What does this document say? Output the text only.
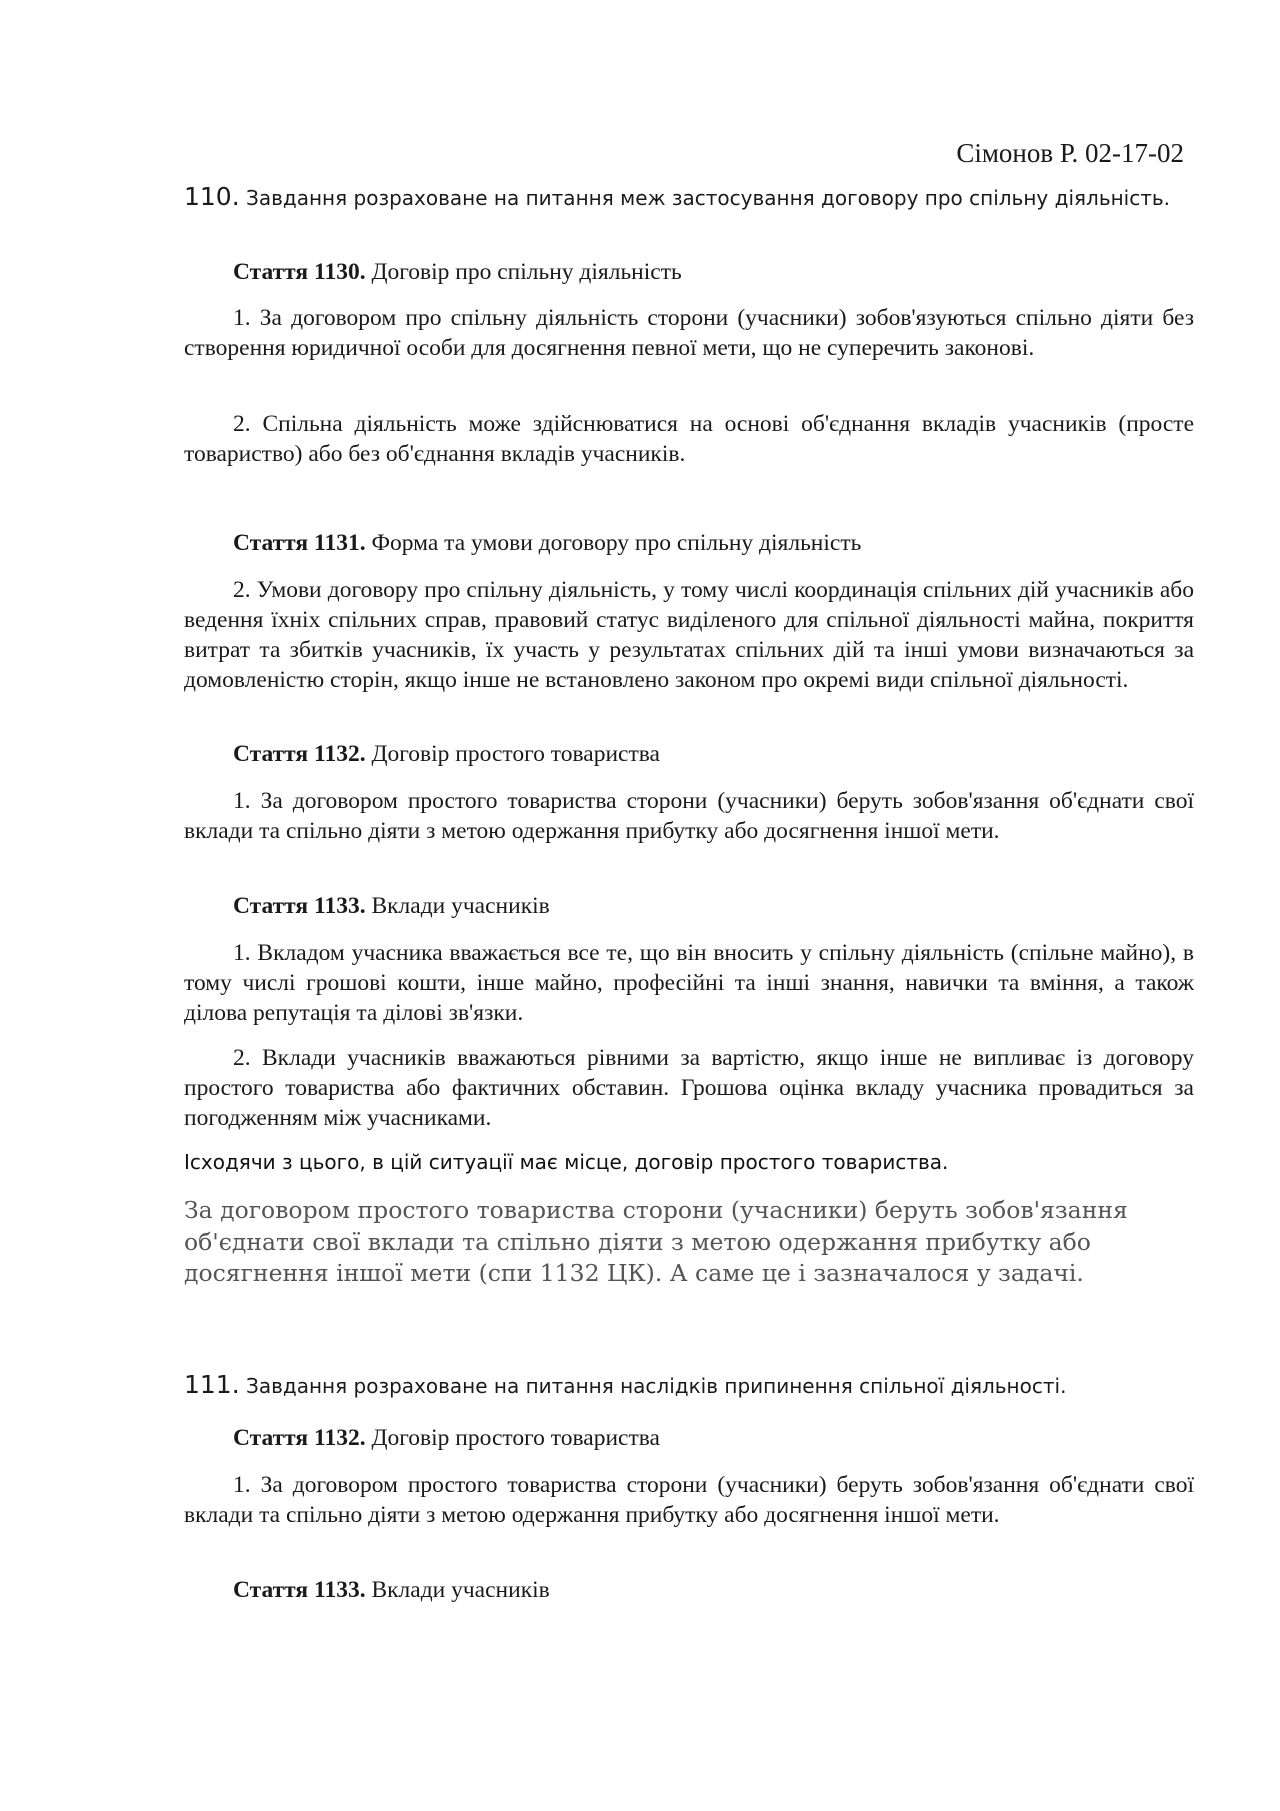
Сімонов Р. 02-17-02
110. Завдання розраховане на питання меж застосування договору про спільну діяльність.
Стаття 1130. Договір про спільну діяльність
1. За договором про спільну діяльність сторони (учасники) зобов'язуються спільно діяти без створення юридичної особи для досягнення певної мети, що не суперечить законові.
2. Спільна діяльність може здійснюватися на основі об'єднання вкладів учасників (просте товариство) або без об'єднання вкладів учасників.
Стаття 1131. Форма та умови договору про спільну діяльність
2. Умови договору про спільну діяльність, у тому числі координація спільних дій учасників або ведення їхніх спільних справ, правовий статус виділеного для спільної діяльності майна, покриття витрат та збитків учасників, їх участь у результатах спільних дій та інші умови визначаються за домовленістю сторін, якщо інше не встановлено законом про окремі види спільної діяльності.
Стаття 1132. Договір простого товариства
1. За договором простого товариства сторони (учасники) беруть зобов'язання об'єднати свої вклади та спільно діяти з метою одержання прибутку або досягнення іншої мети.
Стаття 1133. Вклади учасників
1. Вкладом учасника вважається все те, що він вносить у спільну діяльність (спільне майно), в тому числі грошові кошти, інше майно, професійні та інші знання, навички та вміння, а також ділова репутація та ділові зв'язки.
2. Вклади учасників вважаються рівними за вартістю, якщо інше не випливає із договору простого товариства або фактичних обставин. Грошова оцінка вкладу учасника провадиться за погодженням між учасниками.
Ісходячи з цього, в цій ситуації має місце, договір простого товариства.
За договором простого товариства сторони (учасники) беруть зобов'язання об'єднати свої вклади та спільно діяти з метою одержання прибутку або досягнення іншої мети (спи 1132 ЦК). А саме це і зазначалося у задачі.
111. Завдання розраховане на питання наслідків припинення спільної діяльності.
Стаття 1132. Договір простого товариства
1. За договором простого товариства сторони (учасники) беруть зобов'язання об'єднати свої вклади та спільно діяти з метою одержання прибутку або досягнення іншої мети.
Стаття 1133. Вклади учасників
